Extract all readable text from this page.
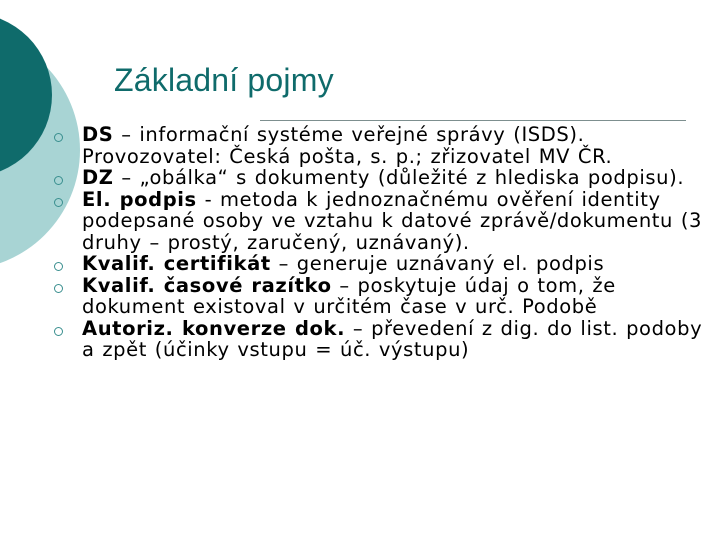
Základní pojmy
DS – informační systéme veřejné správy (ISDS). Provozovatel: Česká pošta, s. p.; zřizovatel MV ČR.
DZ – „obálka“ s dokumenty (důležité z hlediska podpisu).
El. podpis - metoda k jednoznačnému ověření identity podepsané osoby ve vztahu k datové zprávě/dokumentu (3 druhy – prostý, zaručený, uznávaný).
Kvalif. certifikát – generuje uznávaný el. podpis
Kvalif. časové razítko – poskytuje údaj o tom, že dokument existoval v určitém čase v urč. Podobě
Autoriz. konverze dok. – převedení z dig. do list. podoby a zpět (účinky vstupu = úč. výstupu)
